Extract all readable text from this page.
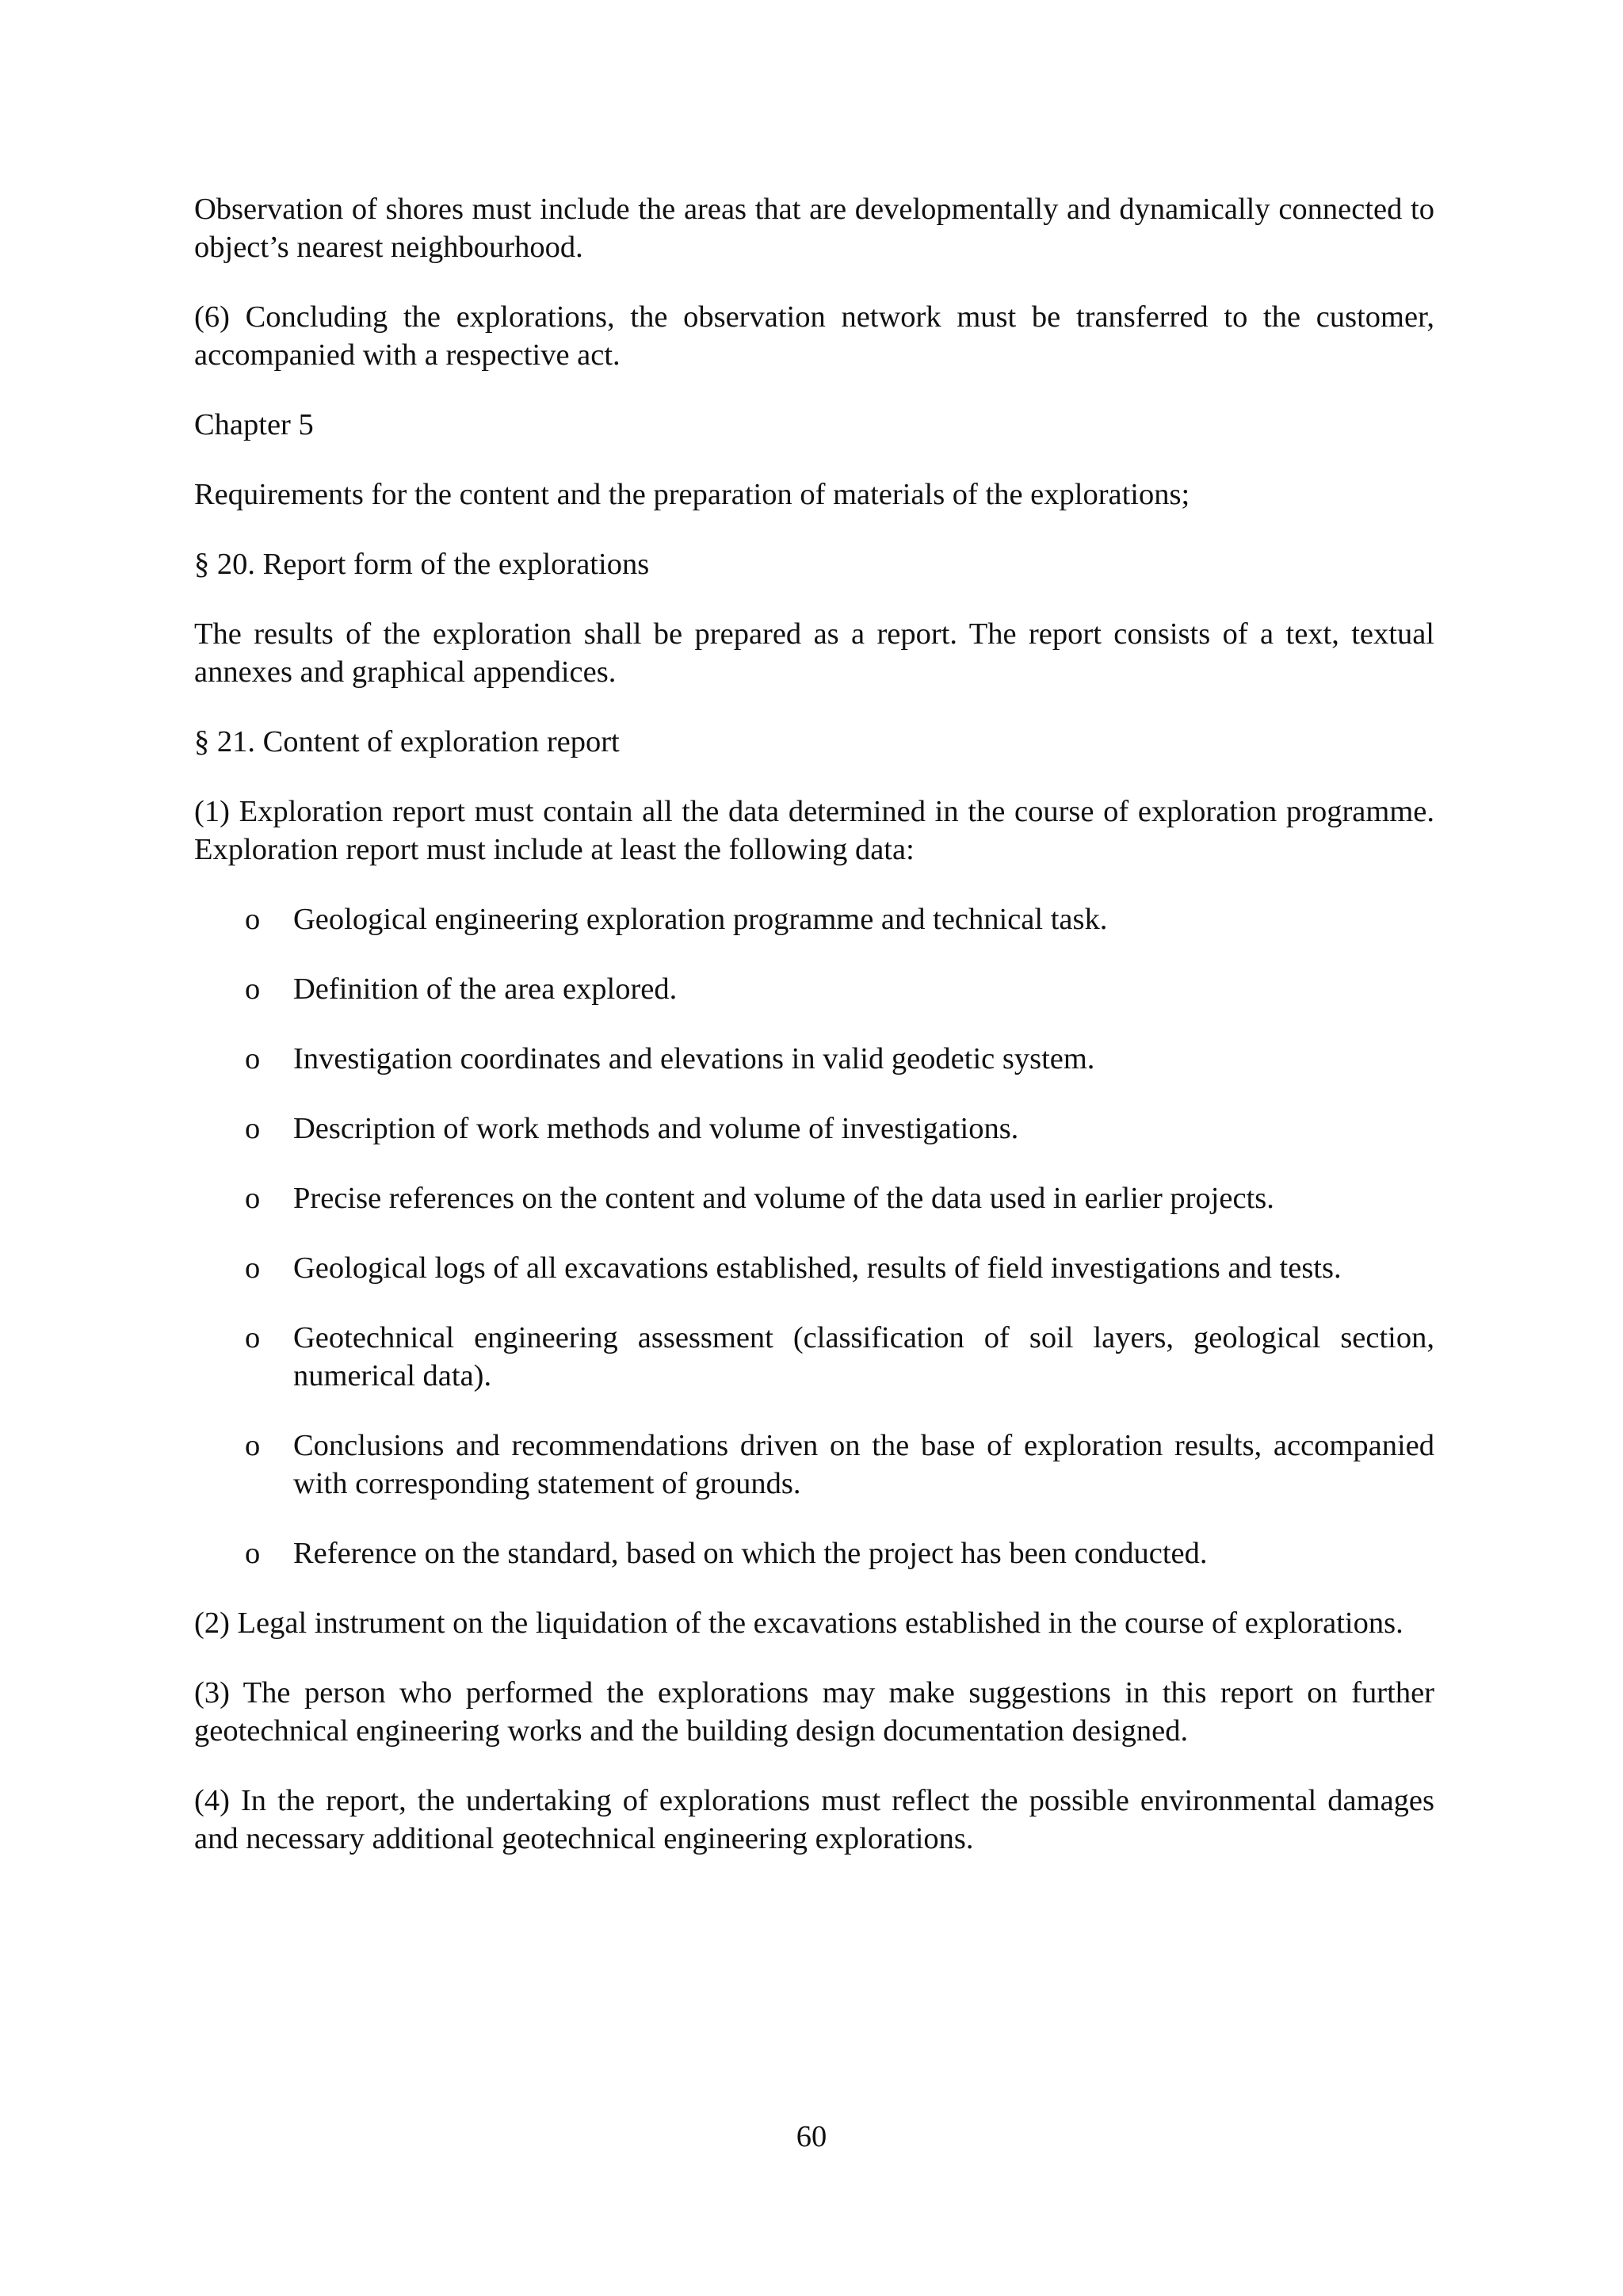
Observation of shores must include the areas that are developmentally and dynamically connected to object’s nearest neighbourhood.

(6) Concluding the explorations, the observation network must be transferred to the customer, accompanied with a respective act.

Chapter 5

Requirements for the content and the preparation of materials of the explorations;

§ 20. Report form of the explorations

The results of the exploration shall be prepared as a report. The report consists of a text, textual annexes and graphical appendices.

§ 21. Content of exploration report

(1) Exploration report must contain all the data determined in the course of exploration programme. Exploration report must include at least the following data:

o Geological engineering exploration programme and technical task.
o Definition of the area explored.
o Investigation coordinates and elevations in valid geodetic system.
o Description of work methods and volume of investigations.
o Precise references on the content and volume of the data used in earlier projects.
o Geological logs of all excavations established, results of field investigations and tests.
o Geotechnical engineering assessment (classification of soil layers, geological section, numerical data).
o Conclusions and recommendations driven on the base of exploration results, accompanied with corresponding statement of grounds.
o Reference on the standard, based on which the project has been conducted.

(2) Legal instrument on the liquidation of the excavations established in the course of explorations.

(3) The person who performed the explorations may make suggestions in this report on further geotechnical engineering works and the building design documentation designed.

(4) In the report, the undertaking of explorations must reflect the possible environmental damages and necessary additional geotechnical engineering explorations.

60
